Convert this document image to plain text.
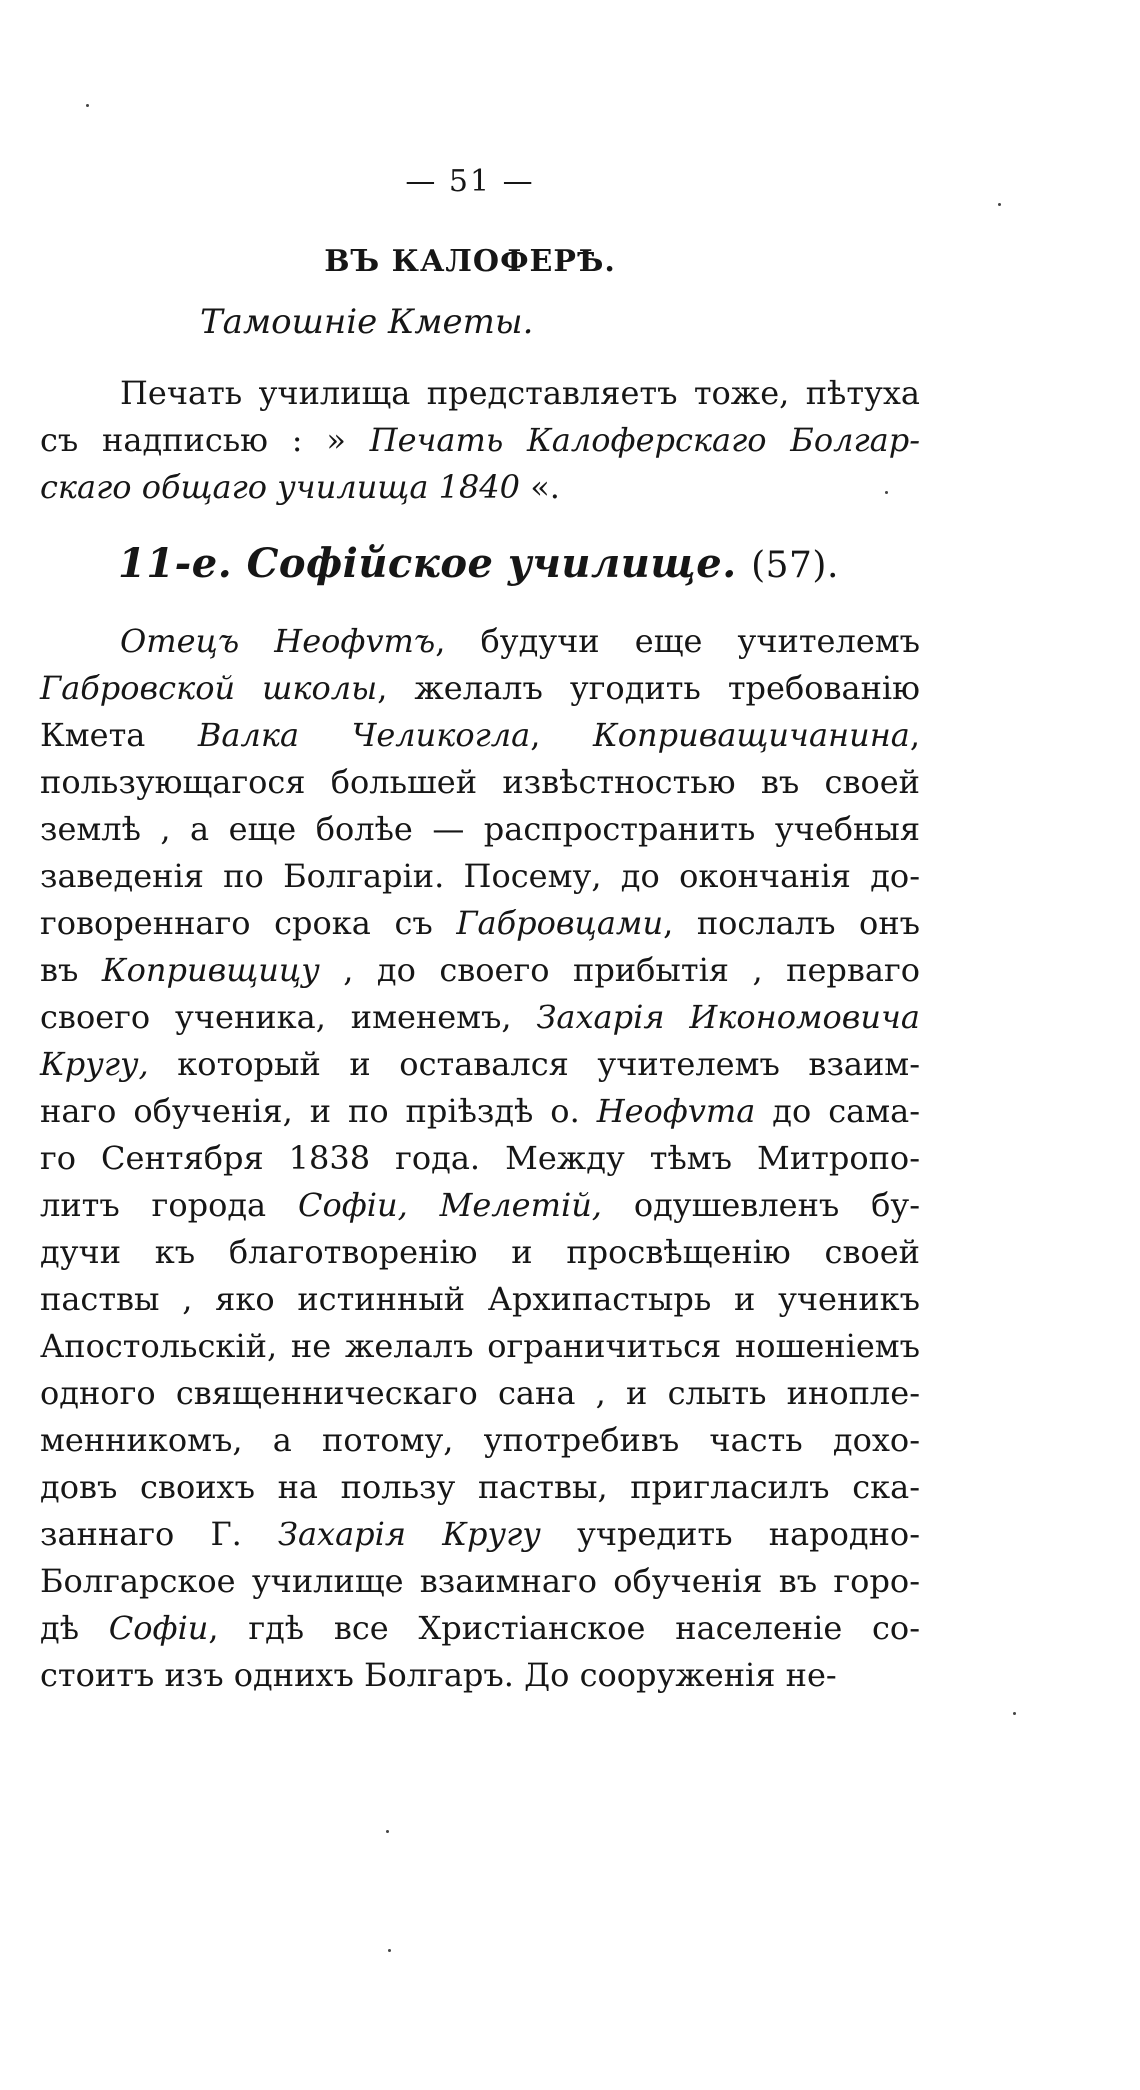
— 51 —
ВЪ КАЛОФЕРѢ.
Тамошніе Кметы.
Печать училища представляетъ тоже, пѣтуха
съ надписью : » Печать Калоферскаго Болгар-
скаго общаго училища 1840 «.
11-е. Софійское училище. (57).
Отецъ Неофvтъ, будучи еще учителемъ
Габровской школы, желалъ угодить требованію
Кмета Валка Челикогла, Коприващичанина,
пользующагося большей извѣстностью въ своей
землѣ , а еще болѣе — распространить учебныя
заведенія по Болгаріи. Посему, до окончанія до-
говореннаго срока съ Габровцами, послалъ онъ
въ Копривщицу , до своего прибытія , перваго
своего ученика, именемъ, Захарія Икономовича
Кругу, который и оставался учителемъ взаим-
наго обученія, и по пріѣздѣ о. Неофvта до сама-
го Сентября 1838 года. Между тѣмъ Митропо-
литъ города Софіи, Мелетій, одушевленъ бу-
дучи къ благотворенію и просвѣщенію своей
паствы , яко истинный Архипастырь и ученикъ
Апостольскій, не желалъ ограничиться ношеніемъ
одного священническаго сана , и слыть инопле-
менникомъ, а потому, употребивъ часть дохо-
довъ своихъ на пользу паствы, пригласилъ ска-
заннаго Г. Захарія Кругу учредить народно-
Болгарское училище взаимнаго обученія въ горо-
дѣ Софіи, гдѣ все Христіанское населеніе со-
стоитъ изъ однихъ Болгаръ. До сооруженія не-
